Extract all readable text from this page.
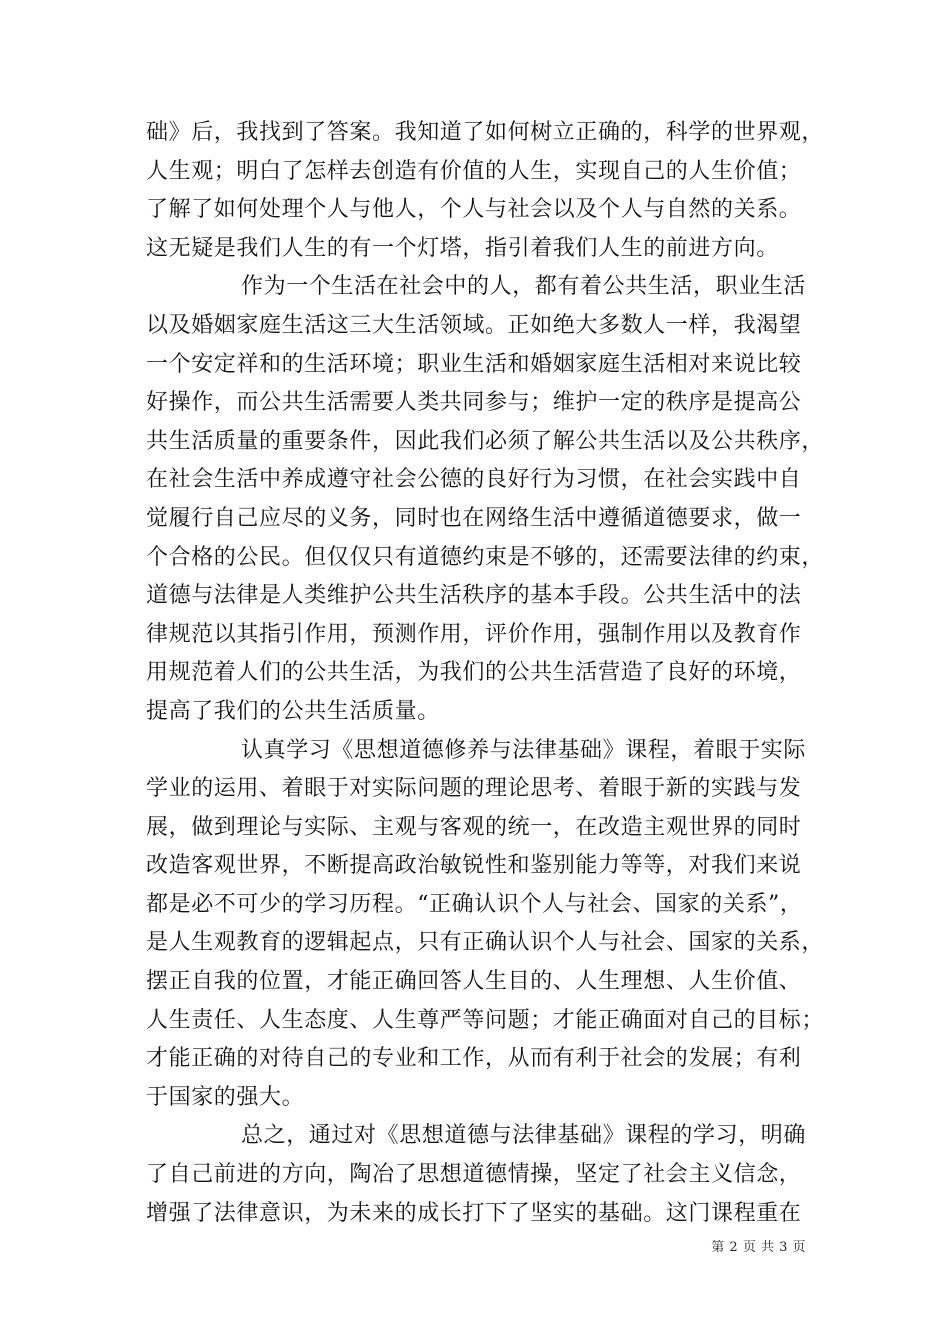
础》后，我找到了答案。我知道了如何树立正确的，科学的世界观，
人生观；明白了怎样去创造有价值的人生，实现自己的人生价值；
了解了如何处理个人与他人，个人与社会以及个人与自然的关系。
这无疑是我们人生的有一个灯塔，指引着我们人生的前进方向。
作为一个生活在社会中的人，都有着公共生活，职业生活
以及婚姻家庭生活这三大生活领域。正如绝大多数人一样，我渴望
一个安定祥和的生活环境；职业生活和婚姻家庭生活相对来说比较
好操作，而公共生活需要人类共同参与；维护一定的秩序是提高公
共生活质量的重要条件，因此我们必须了解公共生活以及公共秩序，
在社会生活中养成遵守社会公德的良好行为习惯，在社会实践中自
觉履行自己应尽的义务，同时也在网络生活中遵循道德要求，做一
个合格的公民。但仅仅只有道德约束是不够的，还需要法律的约束，
道德与法律是人类维护公共生活秩序的基本手段。公共生活中的法
律规范以其指引作用，预测作用，评价作用，强制作用以及教育作
用规范着人们的公共生活，为我们的公共生活营造了良好的环境，
提高了我们的公共生活质量。
认真学习《思想道德修养与法律基础》课程，着眼于实际
学业的运用、着眼于对实际问题的理论思考、着眼于新的实践与发
展，做到理论与实际、主观与客观的统一，在改造主观世界的同时
改造客观世界，不断提高政治敏锐性和鉴别能力等等，对我们来说
都是必不可少的学习历程。“正确认识个人与社会、国家的关系”，
是人生观教育的逻辑起点，只有正确认识个人与社会、国家的关系，
摆正自我的位置，才能正确回答人生目的、人生理想、人生价值、
人生责任、人生态度、人生尊严等问题；才能正确面对自己的目标；
才能正确的对待自己的专业和工作，从而有利于社会的发展；有利
于国家的强大。
总之，通过对《思想道德与法律基础》课程的学习，明确
了自己前进的方向，陶冶了思想道德情操，坚定了社会主义信念，
增强了法律意识，为未来的成长打下了坚实的基础。这门课程重在
第 2 页 共 3 页
